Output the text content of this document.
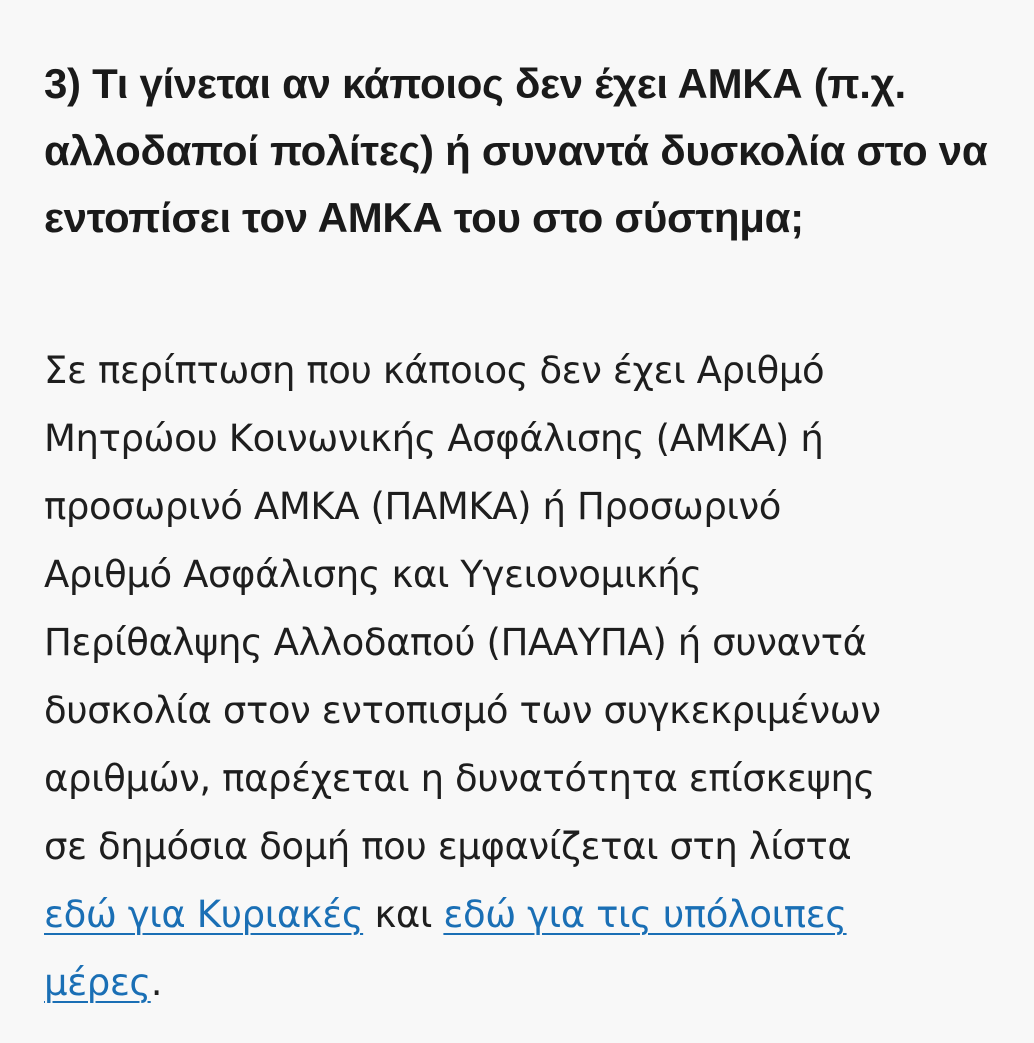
3) Τι γίνεται αν κάποιος δεν έχει ΑΜΚΑ (π.χ.
αλλοδαποί πολίτες) ή συναντά δυσκολία στο να
εντοπίσει τον ΑΜΚΑ του στο σύστημα;
Σε περίπτωση που κάποιος δεν έχει Αριθμό
Μητρώου Κοινωνικής Ασφάλισης (ΑΜΚΑ) ή
προσωρινό ΑΜΚΑ (ΠΑΜΚΑ) ή Προσωρινό
Αριθμό Ασφάλισης και Υγειονομικής
Περίθαλψης Αλλοδαπού (ΠΑΑΥΠΑ) ή συναντά
δυσκολία στον εντοπισμό των συγκεκριμένων
αριθμών, παρέχεται η δυνατότητα επίσκεψης
σε δημόσια δομή που εμφανίζεται στη λίστα
εδώ για Κυριακές και εδώ για τις υπόλοιπες
μέρες.
